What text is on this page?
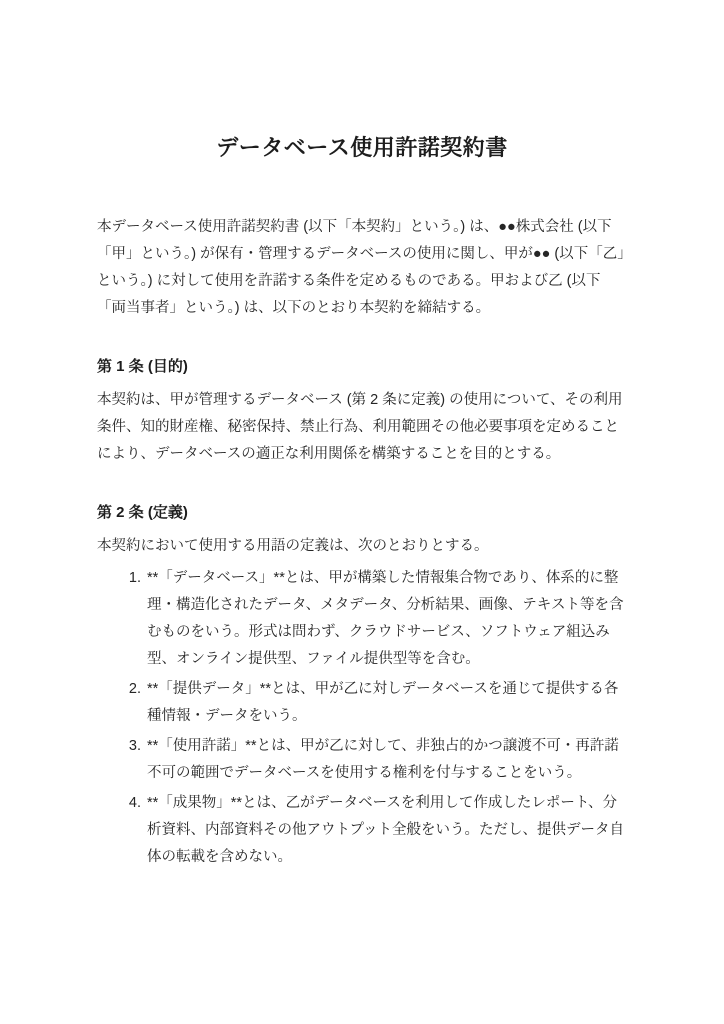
データベース使用許諾契約書

本データベース使用許諾契約書 (以下「本契約」という。) は、●●株式会社 (以下「甲」という。) が保有・管理するデータベースの使用に関し、甲が●● (以下「乙」という。) に対して使用を許諾する条件を定めるものである。甲および乙 (以下「両当事者」という。) は、以下のとおり本契約を締結する。

第 1 条 (目的)

本契約は、甲が管理するデータベース (第 2 条に定義) の使用について、その利用条件、知的財産権、秘密保持、禁止行為、利用範囲その他必要事項を定めることにより、データベースの適正な利用関係を構築することを目的とする。

第 2 条 (定義)

本契約において使用する用語の定義は、次のとおりとする。

1. **「データベース」**とは、甲が構築した情報集合物であり、体系的に整理・構造化されたデータ、メタデータ、分析結果、画像、テキスト等を含むものをいう。形式は問わず、クラウドサービス、ソフトウェア組込み型、オンライン提供型、ファイル提供型等を含む。
2. **「提供データ」**とは、甲が乙に対しデータベースを通じて提供する各種情報・データをいう。
3. **「使用許諾」**とは、甲が乙に対して、非独占的かつ譲渡不可・再許諾不可の範囲でデータベースを使用する権利を付与することをいう。
4. **「成果物」**とは、乙がデータベースを利用して作成したレポート、分析資料、内部資料その他アウトプット全般をいう。ただし、提供データ自体の転載を含めない。
